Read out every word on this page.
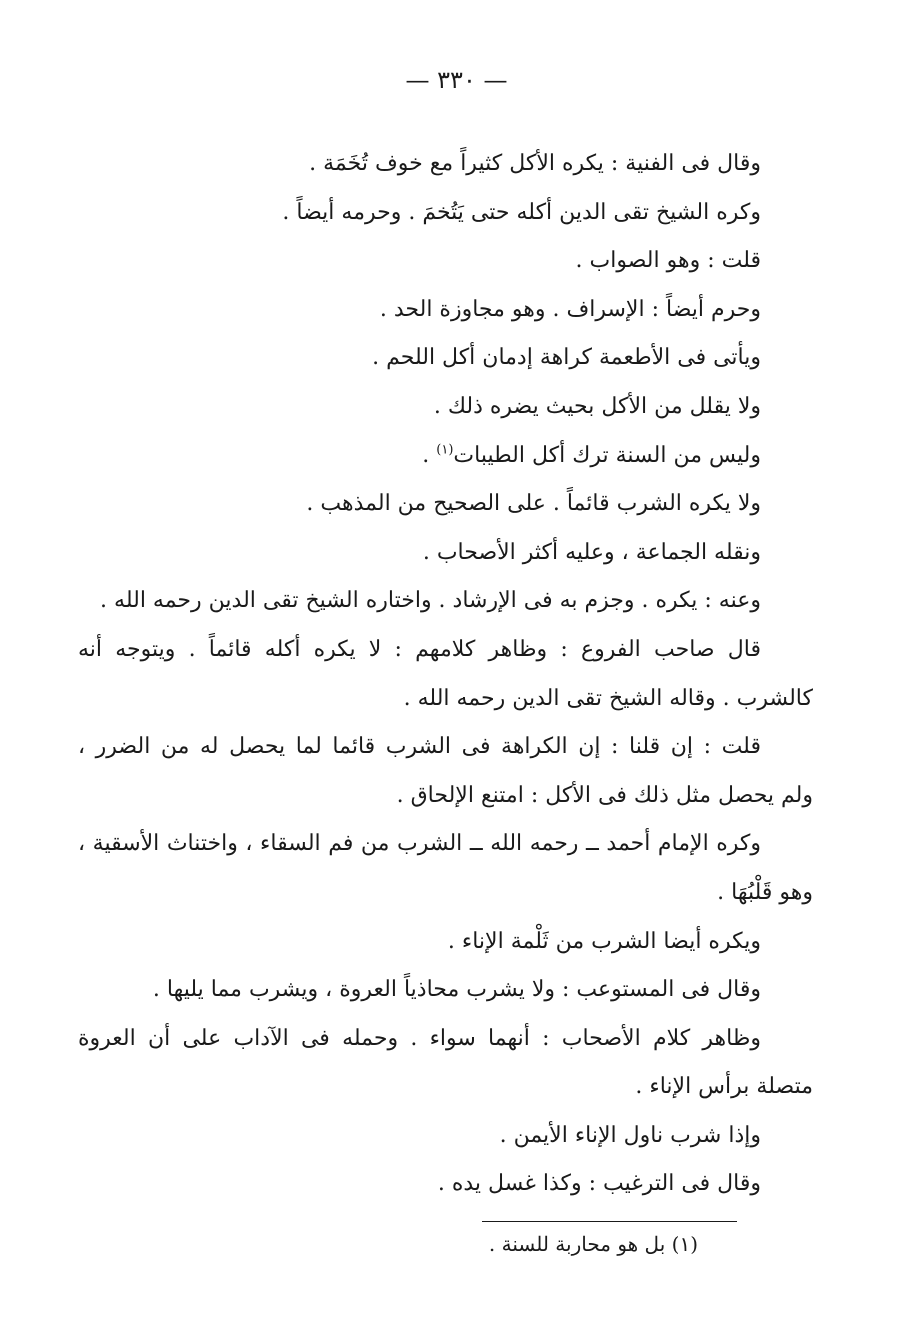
— ٣٣٠ —
وقال فى الفنية : يكره الأكل كثيراً مع خوف تُخَمَة .
وكره الشيخ تقى الدين أكله حتى يَتُخمَ . وحرمه أيضاً .
قلت : وهو الصواب .
وحرم أيضاً : الإسراف . وهو مجاوزة الحد .
ويأتى فى الأطعمة كراهة إدمان أكل اللحم .
ولا يقلل من الأكل بحيث يضره ذلك .
وليس من السنة ترك أكل الطيبات$^{(١)}$ .
ولا يكره الشرب قائماً . على الصحيح من المذهب .
ونقله الجماعة ، وعليه أكثر الأصحاب .
وعنه : يكره . وجزم به فى الإرشاد . واختاره الشيخ تقى الدين رحمه الله .
قال صاحب الفروع : وظاهر كلامهم : لا يكره أكله قائماً . ويتوجه أنه
كالشرب . وقاله الشيخ تقى الدين رحمه الله .
قلت : إن قلنا : إن الكراهة فى الشرب قائما لما يحصل له من الضرر ،
ولم يحصل مثل ذلك فى الأكل : امتنع الإلحاق .
وكره الإمام أحمد ــ رحمه الله ــ الشرب من فم السقاء ، واختناث الأسقية ،
وهو قَلْبُهَا .
ويكره أيضا الشرب من ثَلْمة الإناء .
وقال فى المستوعب : ولا يشرب محاذياً العروة ، ويشرب مما يليها .
وظاهر كلام الأصحاب : أنهما سواء . وحمله فى الآداب على أن العروة
متصلة برأس الإناء .
وإذا شرب ناول الإناء الأيمن .
وقال فى الترغيب : وكذا غسل يده .
(١) بل هو محاربة للسنة .
